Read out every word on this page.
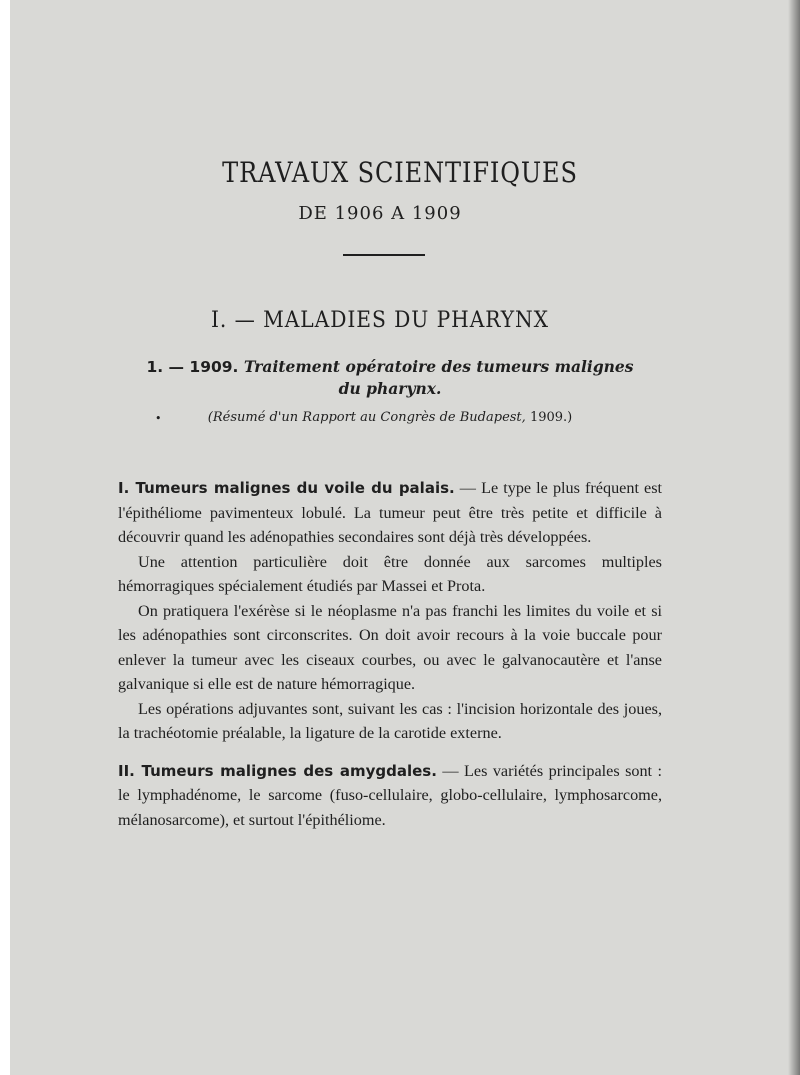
TRAVAUX SCIENTIFIQUES
DE 1906 A 1909
I. — MALADIES DU PHARYNX
1. — 1909. Traitement opératoire des tumeurs malignes
du pharynx.
•	(Résumé d'un Rapport au Congrès de Budapest, 1909.)

I. Tumeurs malignes du voile du palais. — Le type le plus fréquent est l'épithéliome pavimenteux lobulé. La tumeur peut être très petite et difficile à découvrir quand les adénopathies secondaires sont déjà très développées.

Une attention particulière doit être donnée aux sarcomes multiples hémorragiques spécialement étudiés par Massei et Prota.

On pratiquera l'exérèse si le néoplasme n'a pas franchi les limites du voile et si les adénopathies sont circonscrites. On doit avoir recours à la voie buccale pour enlever la tumeur avec les ciseaux courbes, ou avec le galvanocautère et l'anse galvanique si elle est de nature hémorragique.

Les opérations adjuvantes sont, suivant les cas : l'incision horizontale des joues, la trachéotomie préalable, la ligature de la carotide externe.

II. Tumeurs malignes des amygdales. — Les variétés principales sont : le lymphadénome, le sarcome (fuso-cellulaire, globo-cellulaire, lymphosarcome, mélanosarcome), et surtout l'épithéliome.
